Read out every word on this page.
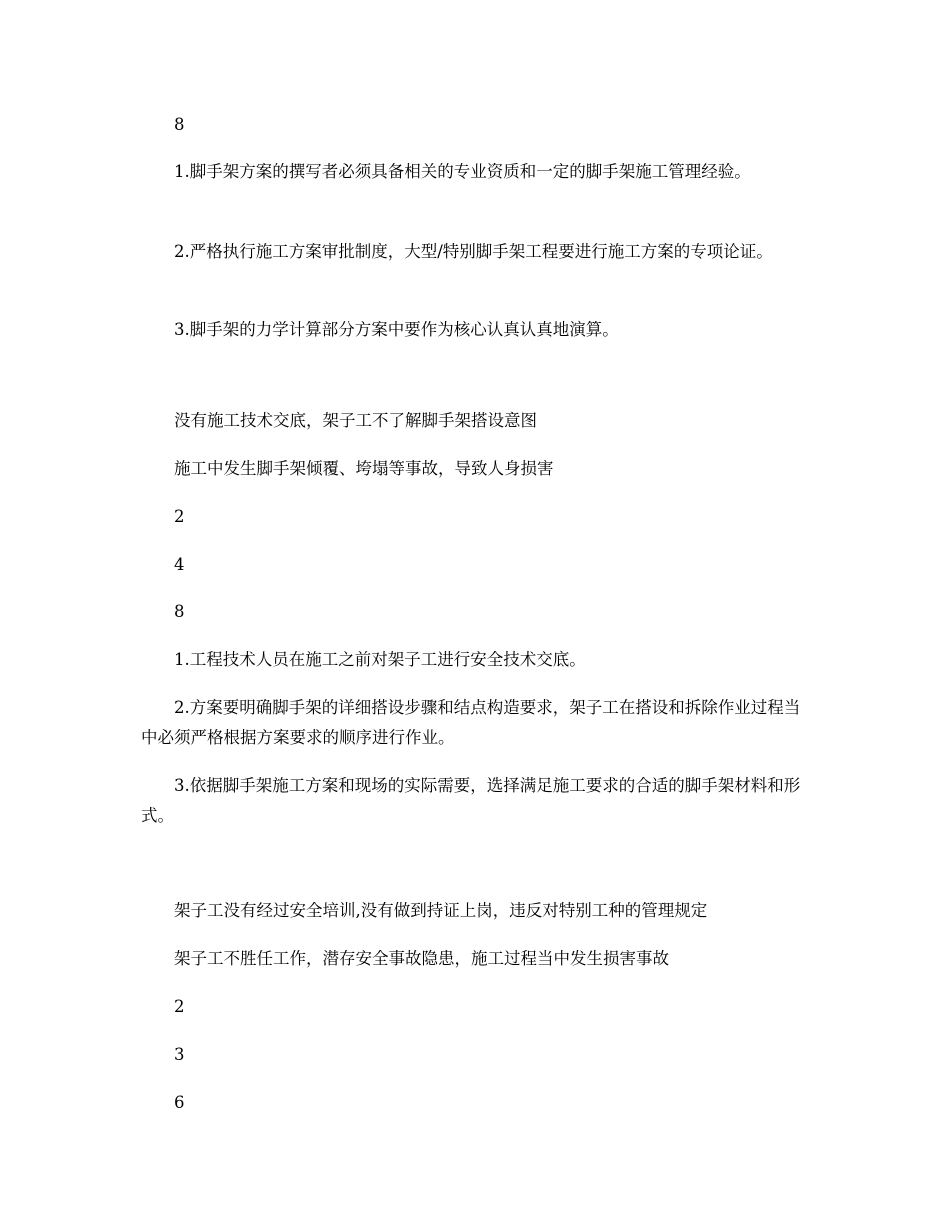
8

1.脚手架方案的撰写者必须具备相关的专业资质和一定的脚手架施工管理经验。

2.严格执行施工方案审批制度，大型/特别脚手架工程要进行施工方案的专项论证。

3.脚手架的力学计算部分方案中要作为核心认真认真地演算。

没有施工技术交底，架子工不了解脚手架搭设意图

施工中发生脚手架倾覆、垮塌等事故，导致人身损害

2

4

8

1.工程技术人员在施工之前对架子工进行安全技术交底。

2.方案要明确脚手架的详细搭设步骤和结点构造要求，架子工在搭设和拆除作业过程当中必须严格根据方案要求的顺序进行作业。

3.依据脚手架施工方案和现场的实际需要，选择满足施工要求的合适的脚手架材料和形式。

架子工没有经过安全培训,没有做到持证上岗，违反对特别工种的管理规定

架子工不胜任工作，潜存安全事故隐患，施工过程当中发生损害事故

2

3

6
